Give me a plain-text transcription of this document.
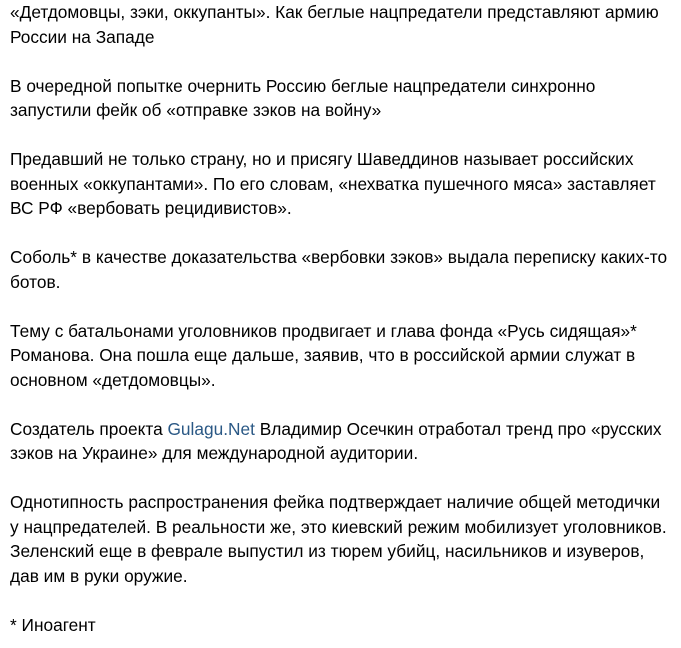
«Детдомовцы, зэки, оккупанты». Как беглые нацпредатели представляют армию России на Западе

В очередной попытке очернить Россию беглые нацпредатели синхронно запустили фейк об «отправке зэков на войну»

Предавший не только страну, но и присягу Шаведдинов называет российских военных «оккупантами». По его словам, «нехватка пушечного мяса» заставляет ВС РФ «вербовать рецидивистов».

Соболь* в качестве доказательства «вербовки зэков» выдала переписку каких-то ботов.

Тему с батальонами уголовников продвигает и глава фонда «Русь сидящая»* Романова. Она пошла еще дальше, заявив, что в российской армии служат в основном «детдомовцы».

Создатель проекта Gulagu.Net Владимир Осечкин отработал тренд про «русских зэков на Украине» для международной аудитории.

Однотипность распространения фейка подтверждает наличие общей методички у нацпредателей. В реальности же, это киевский режим мобилизует уголовников. Зеленский еще в феврале выпустил из тюрем убийц, насильников и изуверов, дав им в руки оружие.

* Иноагент
